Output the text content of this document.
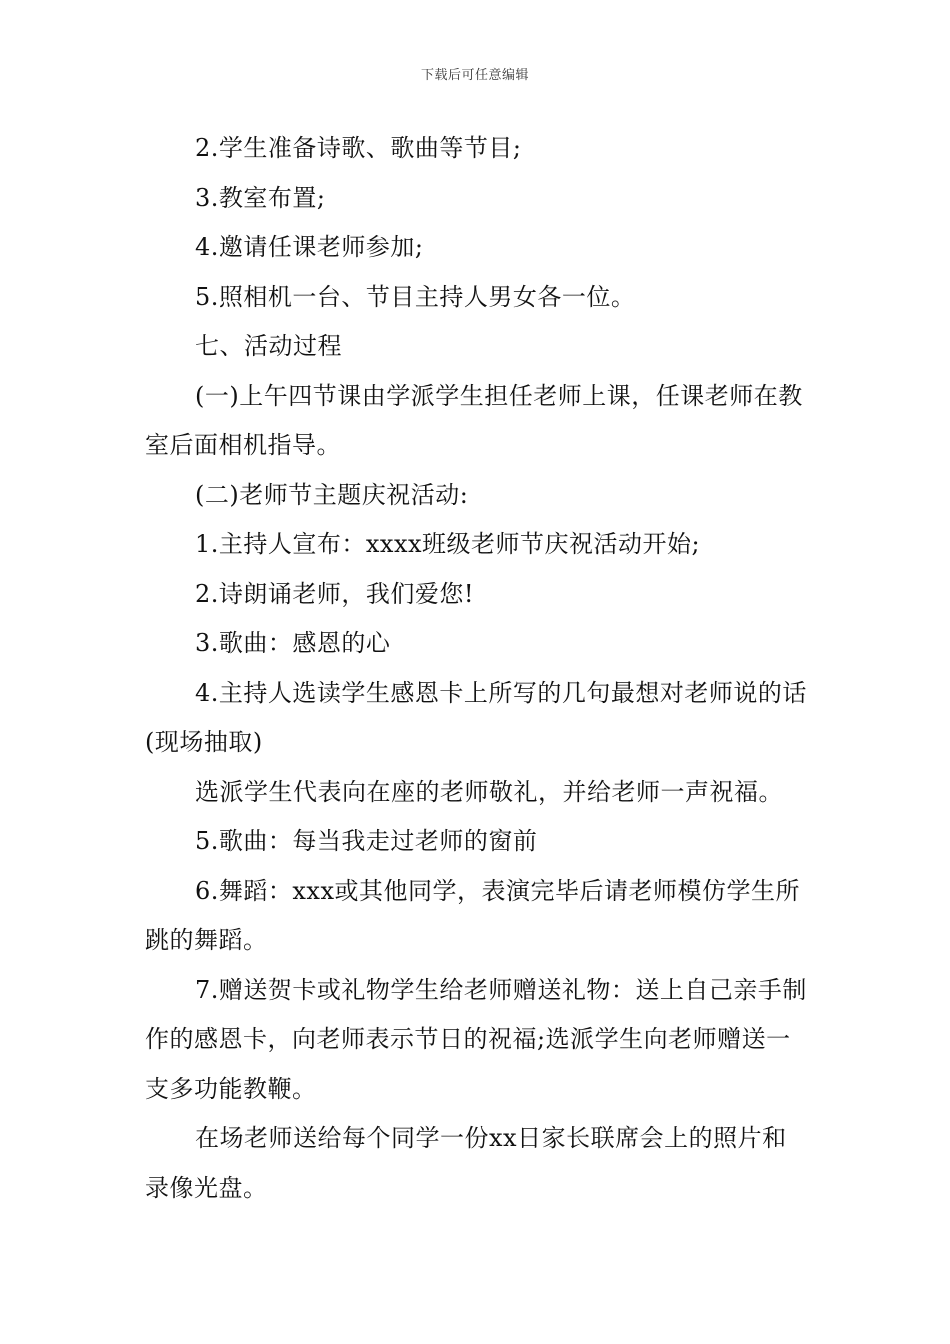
下载后可任意编辑

2.学生准备诗歌、歌曲等节目;

3.教室布置;

4.邀请任课老师参加;

5.照相机一台、节目主持人男女各一位。

七、活动过程

(一)上午四节课由学派学生担任老师上课，任课老师在教室后面相机指导。

(二)老师节主题庆祝活动:

1.主持人宣布：xxxx班级老师节庆祝活动开始;

2.诗朗诵老师，我们爱您!

3.歌曲：感恩的心

4.主持人选读学生感恩卡上所写的几句最想对老师说的话(现场抽取)

选派学生代表向在座的老师敬礼，并给老师一声祝福。

5.歌曲：每当我走过老师的窗前

6.舞蹈：xxx或其他同学，表演完毕后请老师模仿学生所跳的舞蹈。

7.赠送贺卡或礼物学生给老师赠送礼物：送上自己亲手制作的感恩卡，向老师表示节日的祝福;选派学生向老师赠送一支多功能教鞭。

在场老师送给每个同学一份xx日家长联席会上的照片和录像光盘。
